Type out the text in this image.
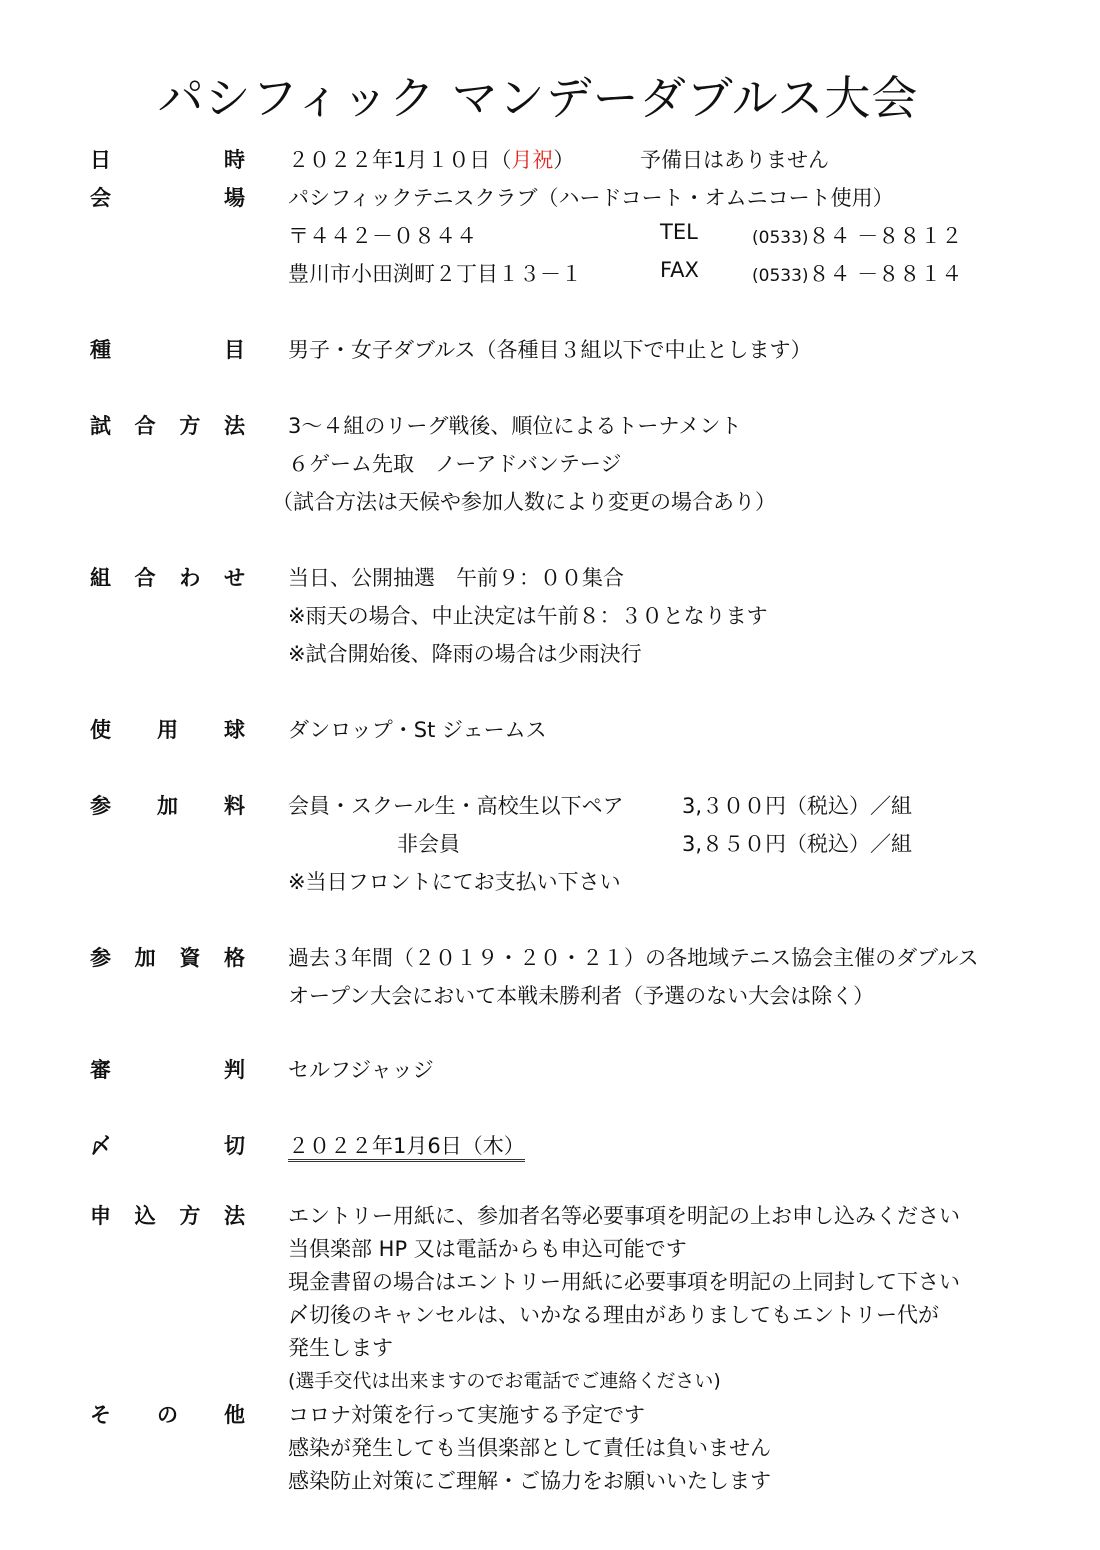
パシフィック マンデーダブルス大会
日	時 ２０２２年1月１０日（月祝）	予備日はありません
会	場 パシフィックテニスクラブ（ハードコート・オムニコート使用）
〒４４２－０８４４	TEL	(0533)８４ －８８１２
豊川市小田渕町２丁目１３－１	FAX	(0533)８４ －８８１４
種	目 男子・女子ダブルス（各種目３組以下で中止とします）
試 合 方 法 3～４組のリーグ戦後、順位によるトーナメント
６ゲーム先取　ノーアドバンテージ
（試合方法は天候や参加人数により変更の場合あり）
組 合 わ せ 当日、公開抽選　午前９：００集合
※雨天の場合、中止決定は午前８：３０となります
※試合開始後、降雨の場合は少雨決行
使 用 球 ダンロップ・St ジェームス
参 加 料 会員・スクール生・高校生以下ペア	3,３００円（税込）／組
非会員	3,８５０円（税込）／組
※当日フロントにてお支払い下さい
参 加 資 格 過去３年間（２０１９・２０・２１）の各地域テニス協会主催のダブルス
オープン大会において本戦未勝利者（予選のない大会は除く）
審	判 セルフジャッジ
〆	切 ２０２２年1月6日（木）
申 込 方 法 エントリー用紙に、参加者名等必要事項を明記の上お申し込みください
当倶楽部 HP 又は電話からも申込可能です
現金書留の場合はエントリー用紙に必要事項を明記の上同封して下さい
〆切後のキャンセルは、いかなる理由がありましてもエントリー代が
発生します
(選手交代は出来ますのでお電話でご連絡ください)
そ の 他 コロナ対策を行って実施する予定です
感染が発生しても当倶楽部として責任は負いません
感染防止対策にご理解・ご協力をお願いいたします
